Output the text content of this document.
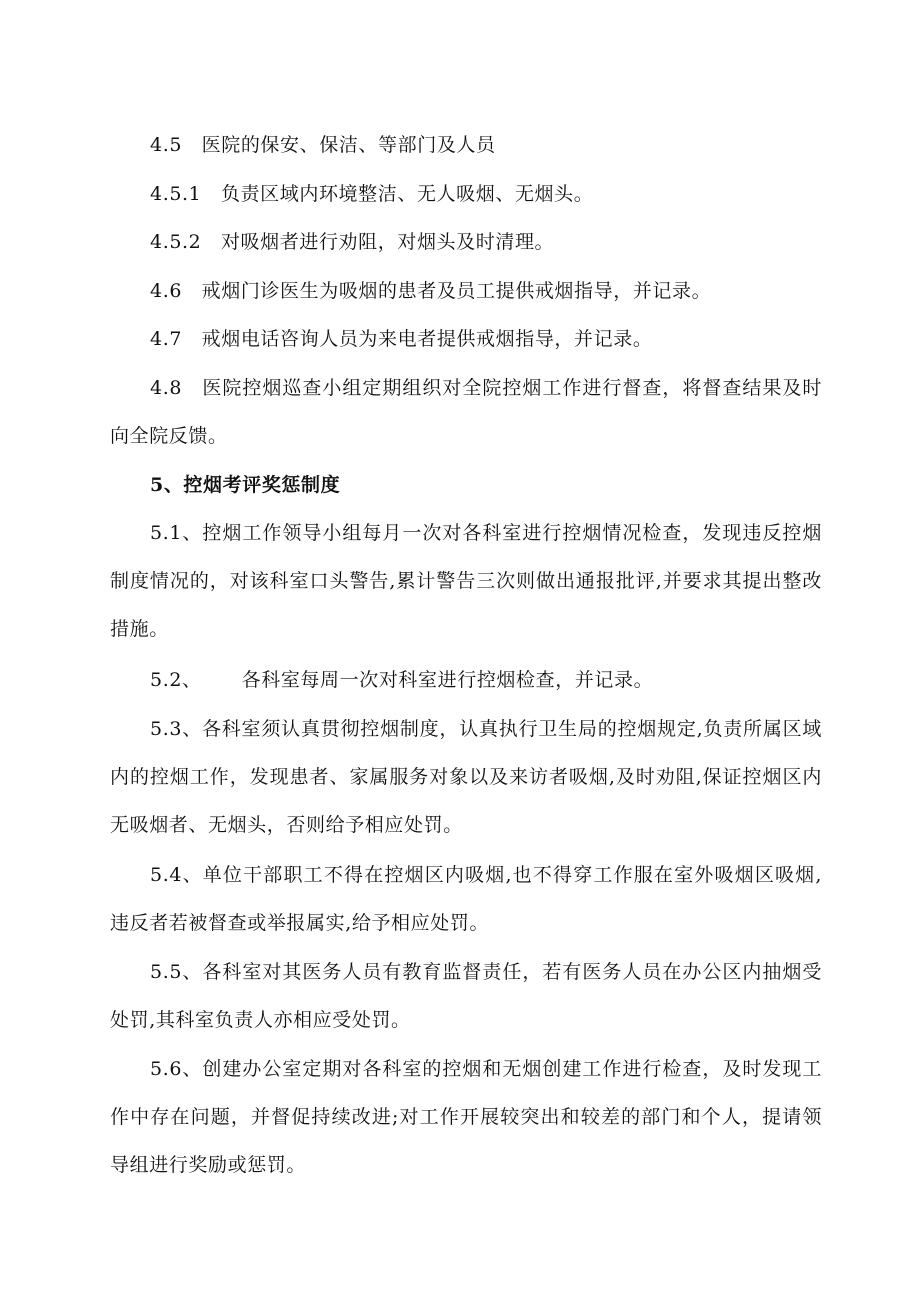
4.5　医院的保安、保洁、等部门及人员

4.5.1　负责区域内环境整洁、无人吸烟、无烟头。

4.5.2　对吸烟者进行劝阻，对烟头及时清理。

4.6　戒烟门诊医生为吸烟的患者及员工提供戒烟指导，并记录。

4.7　戒烟电话咨询人员为来电者提供戒烟指导，并记录。

4.8　医院控烟巡查小组定期组织对全院控烟工作进行督查，将督查结果及时向全院反馈。

5、控烟考评奖惩制度

5.1、控烟工作领导小组每月一次对各科室进行控烟情况检查，发现违反控烟制度情况的，对该科室口头警告,累计警告三次则做出通报批评,并要求其提出整改措施。

5.2、 各科室每周一次对科室进行控烟检查，并记录。

5.3、各科室须认真贯彻控烟制度，认真执行卫生局的控烟规定,负责所属区域内的控烟工作，发现患者、家属服务对象以及来访者吸烟,及时劝阻,保证控烟区内无吸烟者、无烟头，否则给予相应处罚。

5.4、单位干部职工不得在控烟区内吸烟,也不得穿工作服在室外吸烟区吸烟,违反者若被督查或举报属实,给予相应处罚。

5.5、各科室对其医务人员有教育监督责任，若有医务人员在办公区内抽烟受处罚,其科室负责人亦相应受处罚。

5.6、创建办公室定期对各科室的控烟和无烟创建工作进行检查，及时发现工作中存在问题，并督促持续改进;对工作开展较突出和较差的部门和个人，提请领导组进行奖励或惩罚。
